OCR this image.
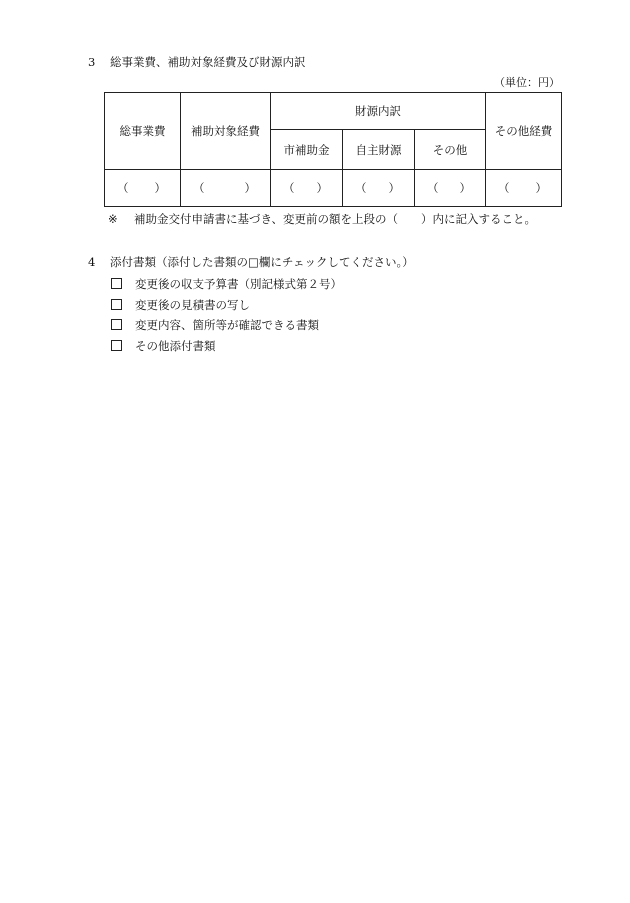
3 総事業費、補助対象経費及び財源内訳
（単位：円）
総事業費	補助対象経費	財源内訳			その他経費
		市補助金	自主財源	その他	

（ ）	（ ）	（ ）	（ ）	（ ）	（ ）
※ 補助金交付申請書に基づき、変更前の額を上段の（　　）内に記入すること。
4 添付書類（添付した書類の□欄にチェックしてください。）
変更後の収支予算書（別記様式第２号）
変更後の見積書の写し
変更内容、箇所等が確認できる書類
その他添付書類
